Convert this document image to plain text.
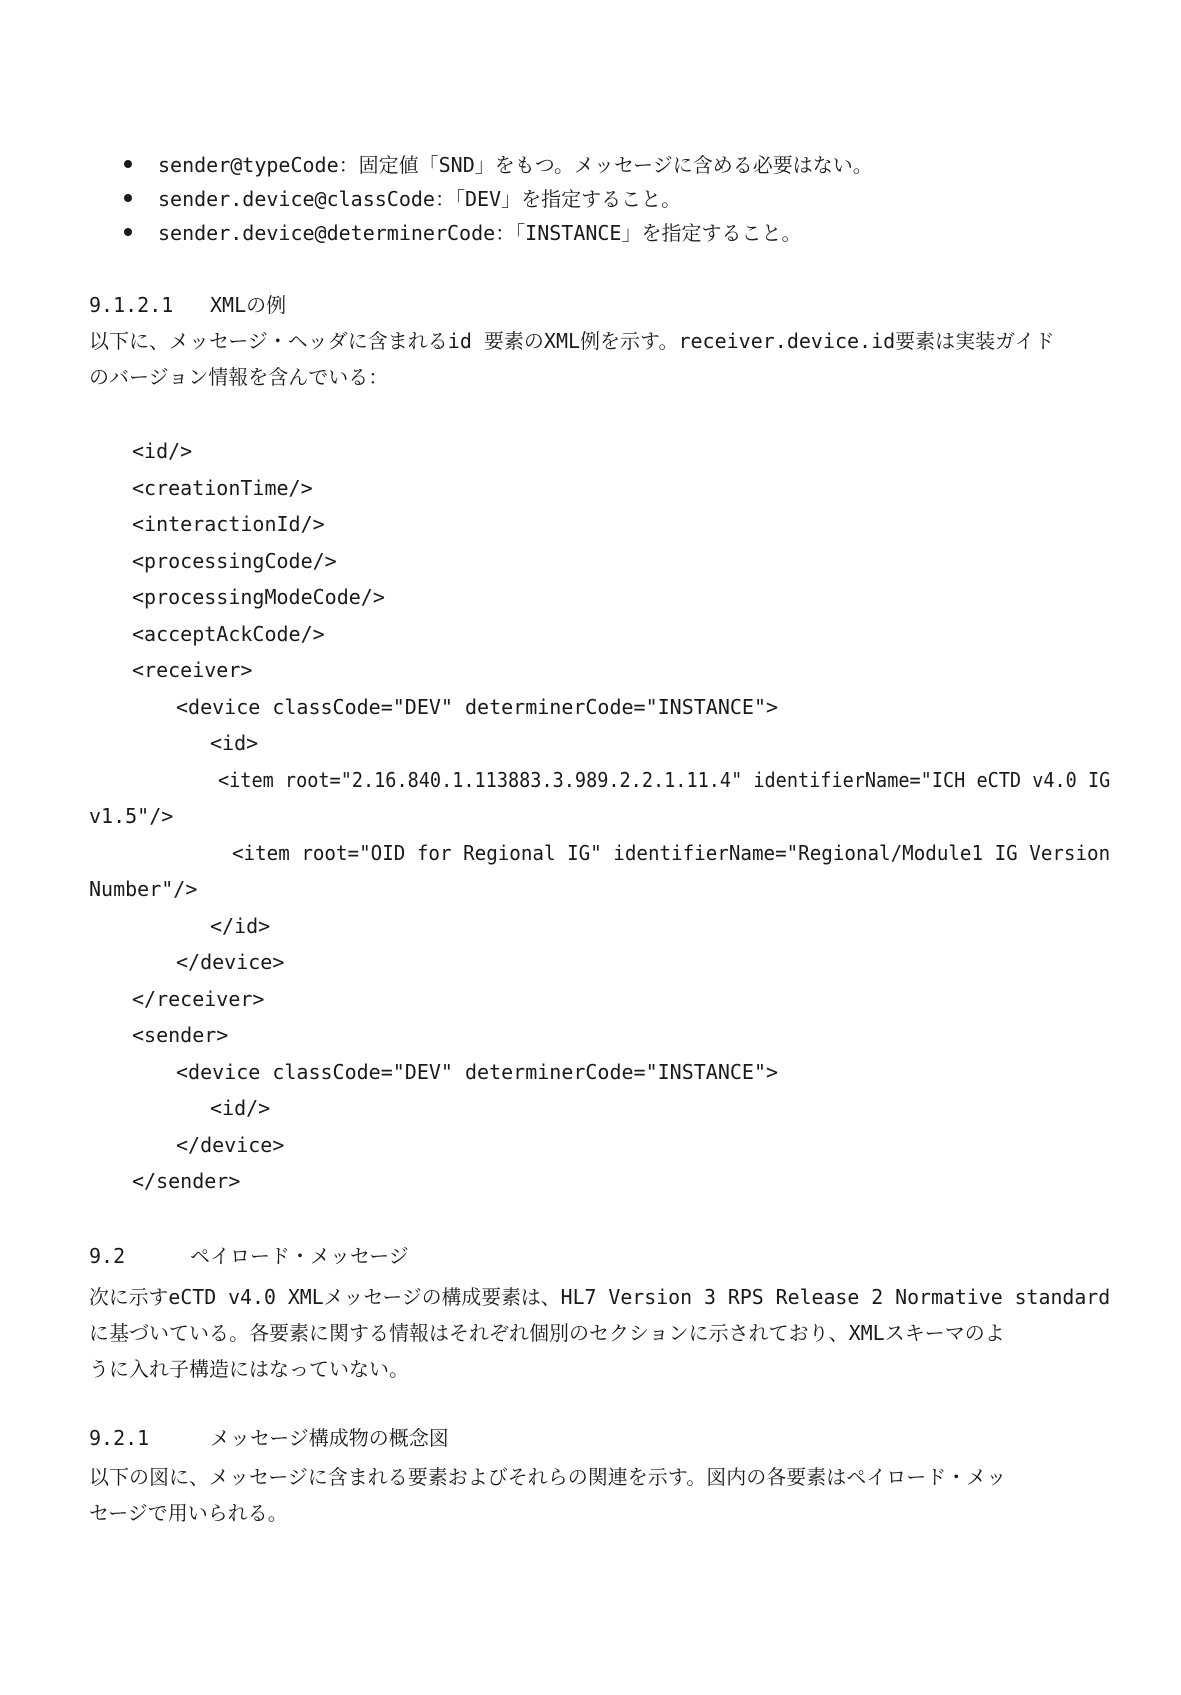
sender@typeCode：固定値「SND」をもつ。メッセージに含める必要はない。
sender.device@classCode：「DEV」を指定すること。
sender.device@determinerCode：「INSTANCE」を指定すること。
9.1.2.1 XMLの例
以下に、メッセージ・ヘッダに含まれるid 要素のXML例を示す。receiver.device.id要素は実装ガイド
のバージョン情報を含んでいる：
<id/>
<creationTime/>
<interactionId/>
<processingCode/>
<processingModeCode/>
<acceptAckCode/>
<receiver>
<device classCode="DEV" determinerCode="INSTANCE">
<id>
<item root="2.16.840.1.113883.3.989.2.2.1.11.4" identifierName="ICH eCTD v4.0 IG
v1.5"/>
<item root="OID for Regional IG" identifierName="Regional/Module1 IG Version
Number"/>
</id>
</device>
</receiver>
<sender>
<device classCode="DEV" determinerCode="INSTANCE">
<id/>
</device>
</sender>
9.2	ペイロード・メッセージ
次に示すeCTD v4.0 XMLメッセージの構成要素は、HL7 Version 3 RPS Release 2 Normative standard
に基づいている。各要素に関する情報はそれぞれ個別のセクションに示されており、XMLスキーマのよ
うに入れ子構造にはなっていない。
9.2.1	メッセージ構成物の概念図
以下の図に、メッセージに含まれる要素およびそれらの関連を示す。図内の各要素はペイロード・メッ
セージで用いられる。
